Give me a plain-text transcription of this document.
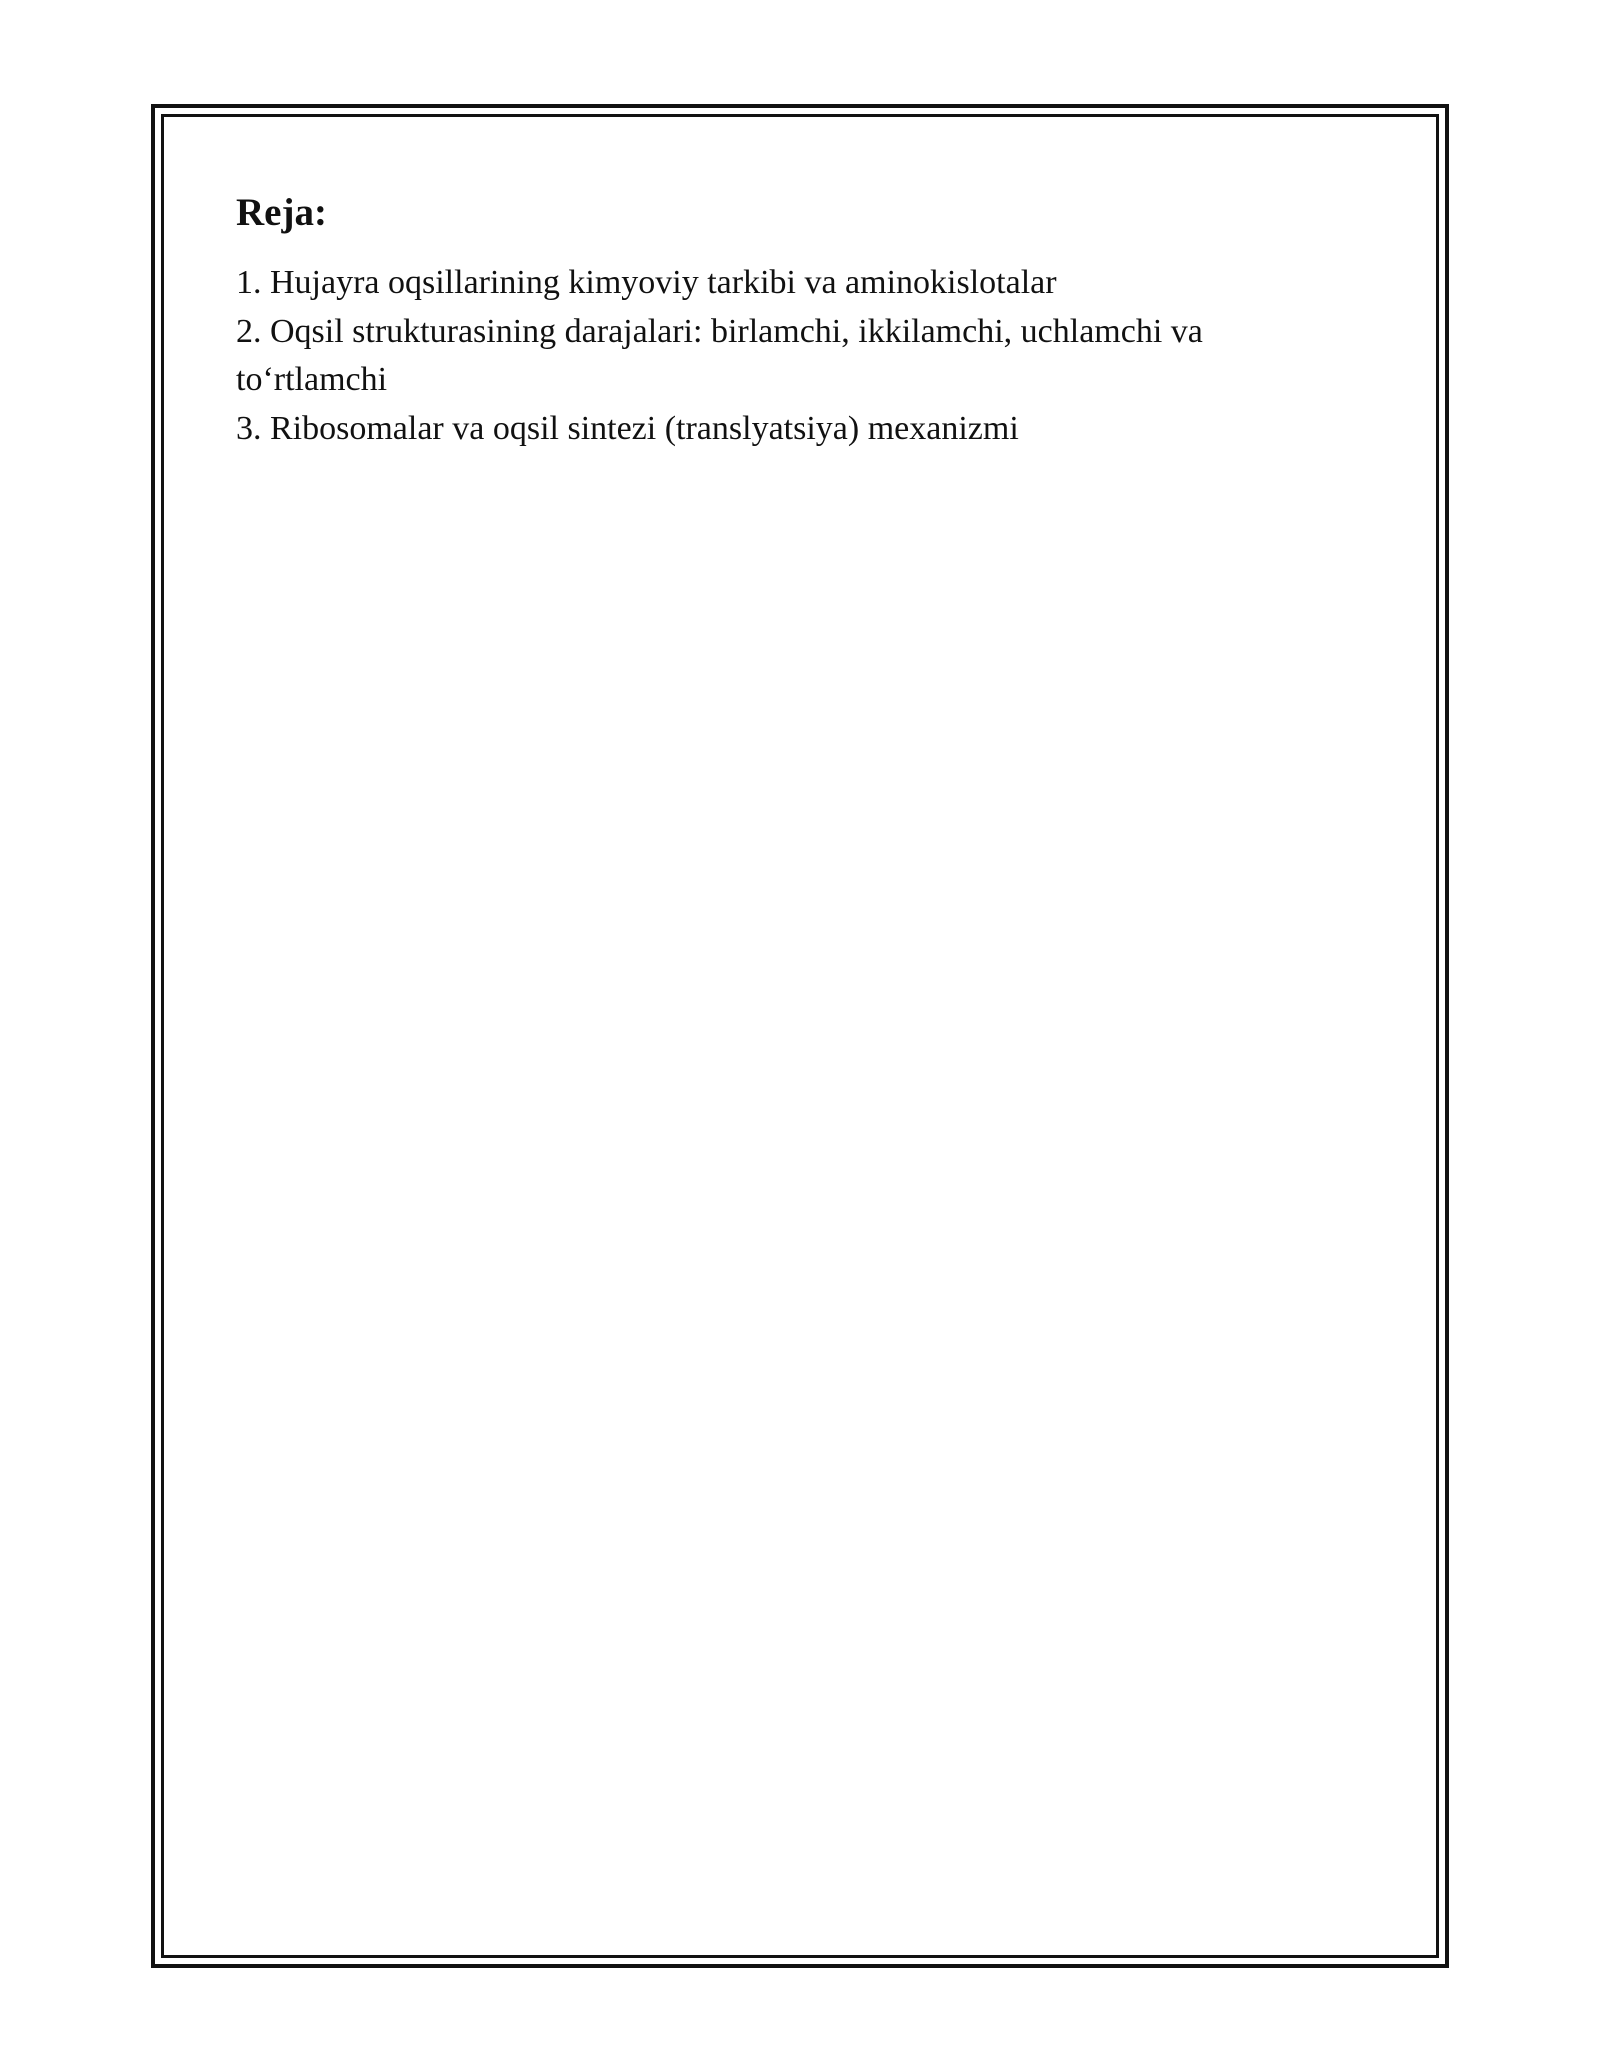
Reja:
1. Hujayra oqsillarining kimyoviy tarkibi va aminokislotalar
2. Oqsil strukturasining darajalari: birlamchi, ikkilamchi, uchlamchi va to‘rtlamchi
3. Ribosomalar va oqsil sintezi (translyatsiya) mexanizmi
